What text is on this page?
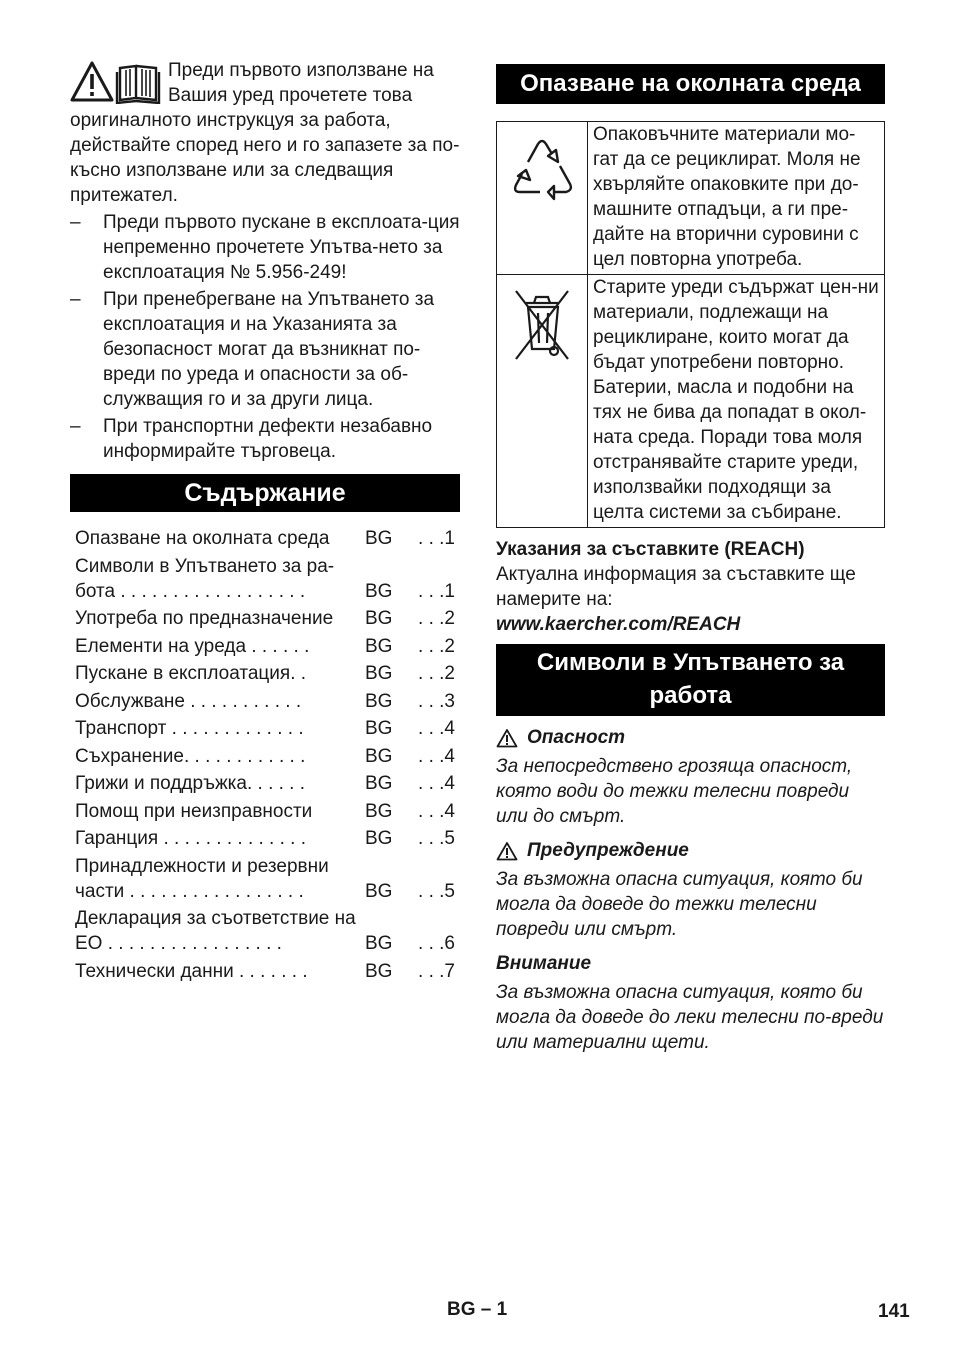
Преди първото използване на Вашия уред прочетете това оригиналното инструкцуя за работа, действайте според него и го запазете за по-късно използване или за следващия притежател.

–	Преди първото пускане в експлоата-ция непременно прочетете Упътва-нето за експлоатация № 5.956-249!
–	При пренебрегване на Упътването за експлоатация и на Указанията за безопасност могат да възникнат по-вреди по уреда и опасности за об-служващия го и за други лица.
–	При транспортни дефекти незабавно информирайте търговеца.
Съдържание
Опазване на околната среда	BG	. . .1
Символи в Упътването за ра-бота . . . . . . . . . . . . . . . . . .	BG	. . .1
Употреба по предназначение	BG	. . .2
Елементи на уреда . . . . . .	BG	. . .2
Пускане в експлоатация. .	BG	. . .2
Обслужване . . . . . . . . . . .	BG	. . .3
Транспорт . . . . . . . . . . . . .	BG	. . .4
Съхранение. . . . . . . . . . . .	BG	. . .4
Грижи и поддръжка. . . . . .	BG	. . .4
Помощ при неизправности	BG	. . .4
Гаранция . . . . . . . . . . . . . .	BG	. . .5
Принадлежности и резервни части . . . . . . . . . . . . . . . . .	BG	. . .5
Декларация за съответствие на ЕО . . . . . . . . . . . . . . . . .	BG	. . .6
Технически данни . . . . . . .	BG	. . .7
Опазване на околната среда
	Опаковъчните материали мо-гат да се рециклират. Моля не хвърляйте опаковките при до-машните отпадъци, а ги пре-дайте на вторични суровини с цел повторна употреба.
	Старите уреди съдържат цен-ни материали, подлежащи на рециклиране, които могат да бъдат употребени повторно. Батерии, масла и подобни на тях не бива да попадат в окол-ната среда. Поради това моля отстранявайте старите уреди, използвайки подходящи за целта системи за събиране.

Указания за съставките (REACH)

Актуална информация за съставките ще намерите на:

www.kaercher.com/REACH

Символи в Упътването за
работа
Опасност

За непосредствено грозяща опасност, която води до тежки телесни повреди или до смърт.

Предупреждение

За възможна опасна ситуация, която би могла да доведе до тежки телесни повреди или смърт.

Внимание

За възможна опасна ситуация, която би могла да доведе до леки телесни по-вреди или материални щети.

BG – 1	141
